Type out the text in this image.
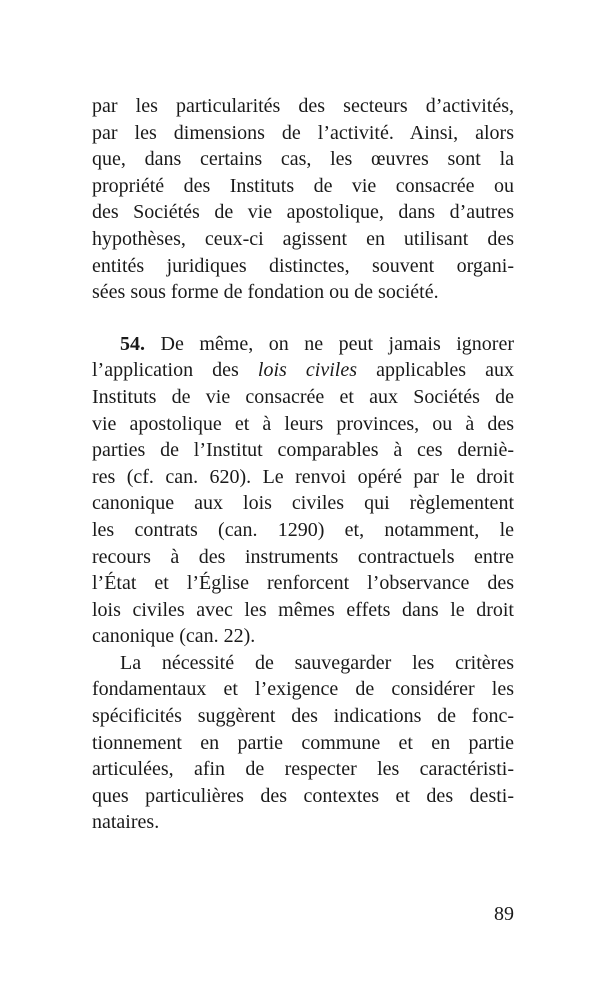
par les particularités des secteurs d’activités,
par les dimensions de l’activité. Ainsi, alors
que, dans certains cas, les œuvres sont la
propriété des Instituts de vie consacrée ou
des Sociétés de vie apostolique, dans d’autres
hypothèses, ceux-ci agissent en utilisant des
entités juridiques distinctes, souvent organi-
sées sous forme de fondation ou de société.
54. De même, on ne peut jamais ignorer
l’application des lois civiles applicables aux
Instituts de vie consacrée et aux Sociétés de
vie apostolique et à leurs provinces, ou à des
parties de l’Institut comparables à ces derniè-
res (cf. can. 620). Le renvoi opéré par le droit
canonique aux lois civiles qui règlementent
les contrats (can. 1290) et, notamment, le
recours à des instruments contractuels entre
l’État et l’Église renforcent l’observance des
lois civiles avec les mêmes effets dans le droit
canonique (can. 22).
La nécessité de sauvegarder les critères
fondamentaux et l’exigence de considérer les
spécificités suggèrent des indications de fonc-
tionnement en partie commune et en partie
articulées, afin de respecter les caractéristi-
ques particulières des contextes et des desti-
nataires.
89
